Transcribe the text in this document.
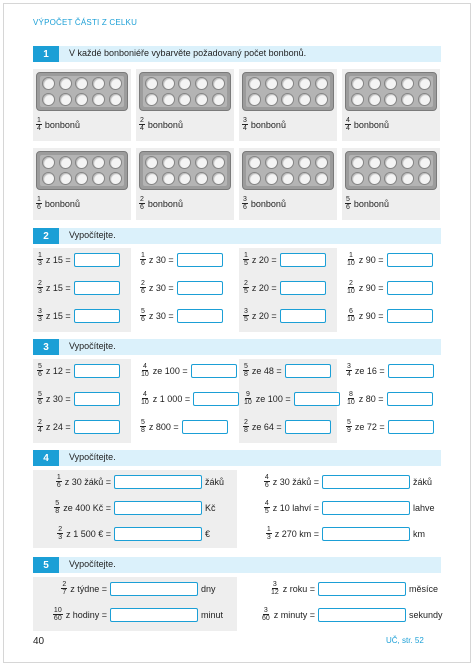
VÝPOČET ČÁSTI Z CELKU
1	V každé bonboniéře vybarvěte požadovaný počet bonbonů.
$\frac{1}{4}$ bonbonů	$\frac{2}{4}$ bonbonů	$\frac{3}{4}$ bonbonů	$\frac{4}{4}$ bonbonů
$\frac{1}{6}$ bonbonů	$\frac{2}{6}$ bonbonů	$\frac{3}{6}$ bonbonů	$\frac{5}{6}$ bonbonů
2	Vypočítejte.
$\frac{1}{3}$ z 15 =	$\frac{1}{6}$ z 30 =	$\frac{1}{5}$ z 20 =	$\frac{1}{10}$ z 90 =
$\frac{2}{3}$ z 15 =	$\frac{2}{6}$ z 30 =	$\frac{2}{5}$ z 20 =	$\frac{2}{10}$ z 90 =
$\frac{3}{3}$ z 15 =	$\frac{5}{6}$ z 30 =	$\frac{3}{5}$ z 20 =	$\frac{6}{10}$ z 90 =
3	Vypočítejte.
$\frac{5}{6}$ z 12 =	$\frac{4}{10}$ ze 100 =	$\frac{5}{8}$ ze 48 =	$\frac{3}{4}$ ze 16 =
$\frac{5}{6}$ z 30 =	$\frac{4}{10}$ z 1 000 =	$\frac{9}{10}$ ze 100 =	$\frac{8}{10}$ z 80 =
$\frac{2}{4}$ z 24 =	$\frac{5}{8}$ z 800 =	$\frac{2}{8}$ ze 64 =	$\frac{5}{9}$ ze 72 =
4	Vypočítejte.
$\frac{1}{6}$ z 30 žáků =	žáků
$\frac{5}{8}$ ze 400 Kč =	Kč
$\frac{2}{3}$ z 1 500 € =	€
$\frac{4}{6}$ z 30 žáků =	žáků
$\frac{4}{5}$ z 10 lahví =	lahve
$\frac{1}{3}$ z 270 km =	km
5	Vypočítejte.
$\frac{2}{7}$ z týdne =	dny
$\frac{10}{60}$ z hodiny =	minut
$\frac{3}{12}$ z roku =	měsíce
$\frac{3}{60}$ z minuty =	sekundy
40	UČ, str. 52
